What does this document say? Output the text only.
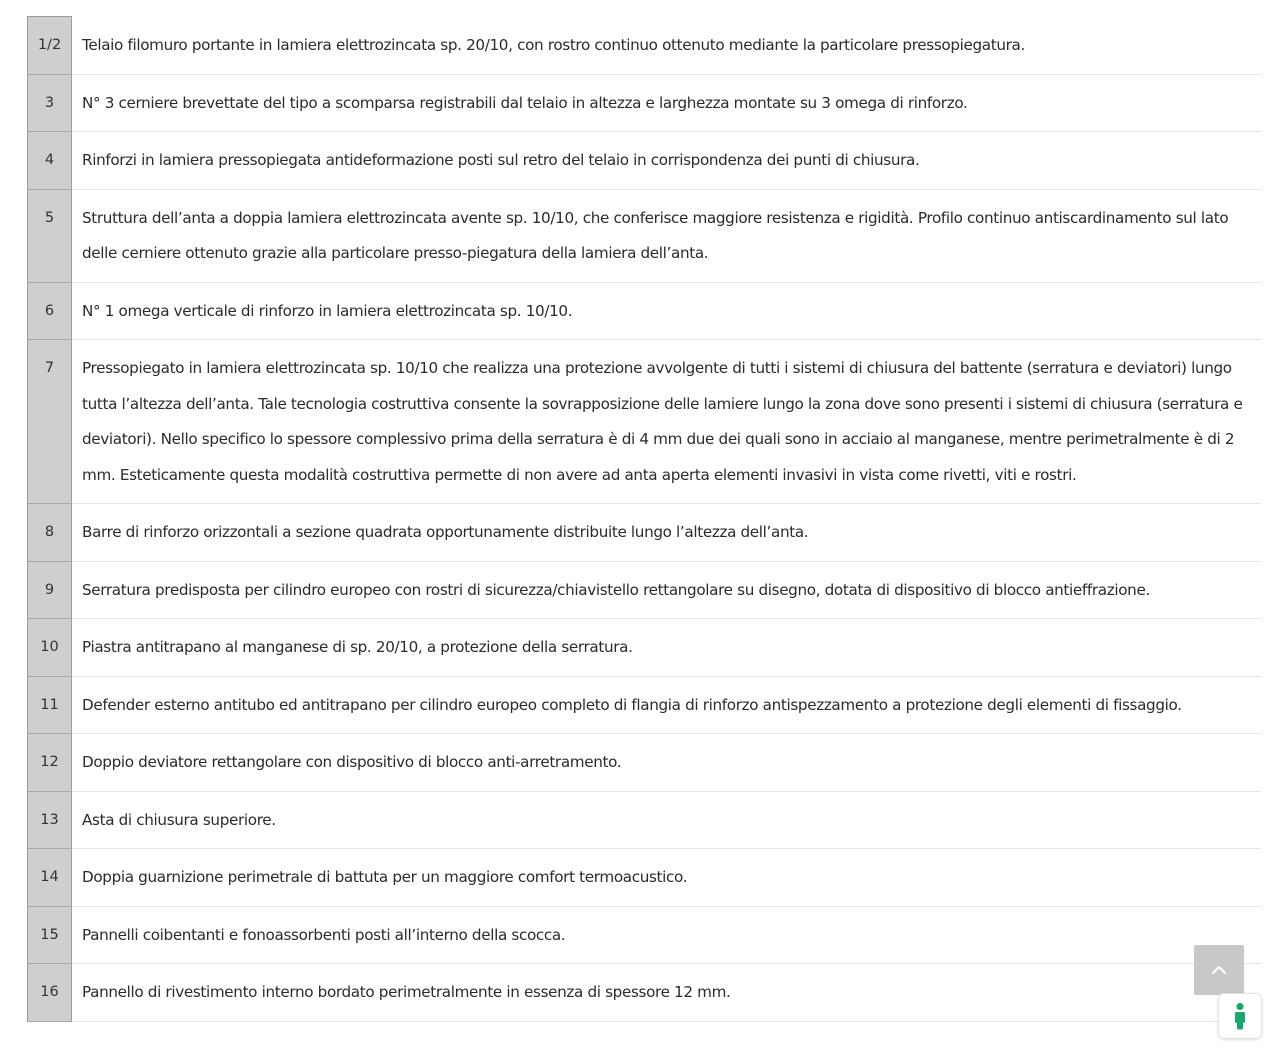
1/2	Telaio filomuro portante in lamiera elettrozincata sp. 20/10, con rostro continuo ottenuto mediante la particolare pressopiegatura.
3	N° 3 cerniere brevettate del tipo a scomparsa registrabili dal telaio in altezza e larghezza montate su 3 omega di rinforzo.
4	Rinforzi in lamiera pressopiegata antideformazione posti sul retro del telaio in corrispondenza dei punti di chiusura.
5	Struttura dell’anta a doppia lamiera elettrozincata avente sp. 10/10, che conferisce maggiore resistenza e rigidità. Profilo continuo antiscardinamento sul lato delle cerniere ottenuto grazie alla particolare presso-piegatura della lamiera dell’anta.
6	N° 1 omega verticale di rinforzo in lamiera elettrozincata sp. 10/10.
7	Pressopiegato in lamiera elettrozincata sp. 10/10 che realizza una protezione avvolgente di tutti i sistemi di chiusura del battente (serratura e deviatori) lungo tutta l’altezza dell’anta. Tale tecnologia costruttiva consente la sovrapposizione delle lamiere lungo la zona dove sono presenti i sistemi di chiusura (serratura e deviatori). Nello specifico lo spessore complessivo prima della serratura è di 4 mm due dei quali sono in acciaio al manganese, mentre perimetralmente è di 2 mm. Esteticamente questa modalità costruttiva permette di non avere ad anta aperta elementi invasivi in vista come rivetti, viti e rostri.
8	Barre di rinforzo orizzontali a sezione quadrata opportunamente distribuite lungo l’altezza dell’anta.
9	Serratura predisposta per cilindro europeo con rostri di sicurezza/chiavistello rettangolare su disegno, dotata di dispositivo di blocco antieffrazione.
10	Piastra antitrapano al manganese di sp. 20/10, a protezione della serratura.
11	Defender esterno antitubo ed antitrapano per cilindro europeo completo di flangia di rinforzo antispezzamento a protezione degli elementi di fissaggio.
12	Doppio deviatore rettangolare con dispositivo di blocco anti-arretramento.
13	Asta di chiusura superiore.
14	Doppia guarnizione perimetrale di battuta per un maggiore comfort termoacustico.
15	Pannelli coibentanti e fonoassorbenti posti all’interno della scocca.
16	Pannello di rivestimento interno bordato perimetralmente in essenza di spessore 12 mm.
